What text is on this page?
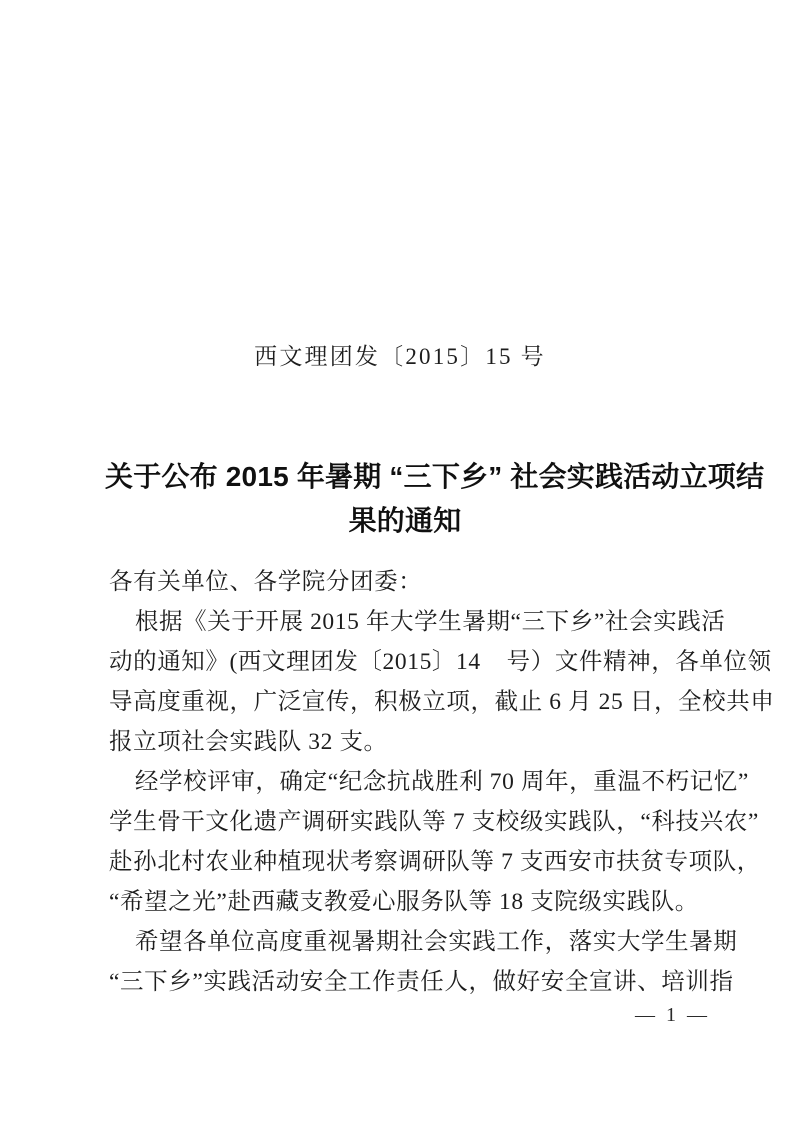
西文理团发〔2015〕15 号
关于公布 2015 年暑期 “三下乡” 社会实践活动立项结
果的通知
各有关单位、各学院分团委：
根据《关于开展 2015 年大学生暑期“三下乡”社会实践活
动的通知》(西文理团发〔2015〕14    号）文件精神，各单位领
导高度重视，广泛宣传，积极立项，截止 6 月 25 日，全校共申
报立项社会实践队 32 支。
经学校评审，确定“纪念抗战胜利 70 周年，重温不朽记忆”
学生骨干文化遗产调研实践队等 7 支校级实践队，“科技兴农”
赴孙北村农业种植现状考察调研队等 7 支西安市扶贫专项队，
“希望之光”赴西藏支教爱心服务队等 18 支院级实践队。
希望各单位高度重视暑期社会实践工作，落实大学生暑期
“三下乡”实践活动安全工作责任人，做好安全宣讲、培训指
— 1 —
